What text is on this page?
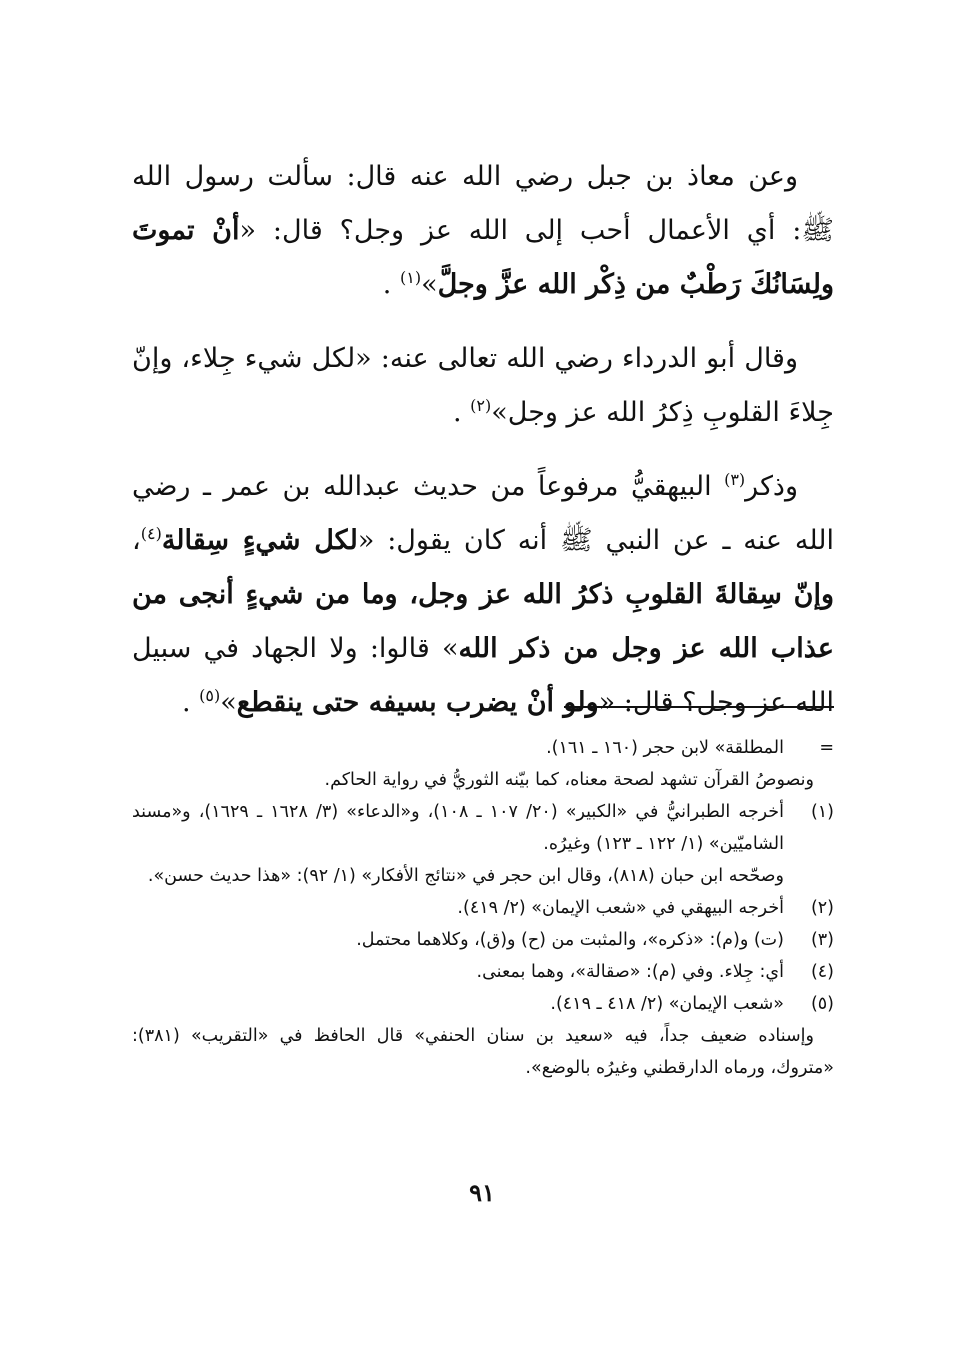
وعن معاذ بن جبل رضي الله عنه قال: سألت رسول الله ﷺ: أي الأعمال أحب إلى الله عز وجل؟ قال: «أنْ تموتَ ولِسَانُكَ رَطْبٌ من ذِكْر الله عزَّ وجلَّ»$^{(١)}$ .

وقال أبو الدرداء رضي الله تعالى عنه: «لكل شيء جِلاء، وإنّ جِلاءَ القلوبِ ذِكرُ الله عز وجل»$^{(٢)}$ .

وذكر$^{(٣)}$ البيهقيُّ مرفوعاً من حديث عبدالله بن عمر ـ رضي الله عنه ـ عن النبي ﷺ أنه كان يقول: «لكل شيءٍ سِقالة$^{(٤)}$، وإنّ سِقالةَ القلوبِ ذكرُ الله عز وجل، وما من شيءٍ أنجى من عذاب الله عز وجل من ذكر الله» قالوا: ولا الجهاد في سبيل الله عز وجل؟ قال: «ولو أنْ يضرب بسيفه حتى ينقطع»$^{(٥)}$ .

=
المطلقة» لابن حجر (١٦٠ ـ ١٦١).
ونصوصُ القرآن تشهد لصحة معناه، كما بيّنه الثوريُّ في رواية الحاكم.
(١)
أخرجه الطبرانيُّ في «الكبير» (٢٠/ ١٠٧ ـ ١٠٨)، و«الدعاء» (٣/ ١٦٢٨ ـ ١٦٢٩)، و«مسند الشاميّين» (١/ ١٢٢ ـ ١٢٣) وغيرُه.
وصحّحه ابن حبان (٨١٨)، وقال ابن حجر في «نتائج الأفكار» (١/ ٩٢): «هذا حديث حسن».
(٢)
أخرجه البيهقي في «شعب الإيمان» (٢/ ٤١٩).
(٣)
(ت) و(م): «ذكره»، والمثبت من (ح) و(ق)، وكلاهما محتمل.
(٤)
أي: جِلاء. وفي (م): «صقالة»، وهما بمعنى.
(٥)
«شعب الإيمان» (٢/ ٤١٨ ـ ٤١٩).
وإسناده ضعيف جداً، فيه «سعيد بن سنان الحنفي» قال الحافظ في «التقريب» (٣٨١): «متروك، ورماه الدارقطني وغيرُه بالوضع».
٩١
